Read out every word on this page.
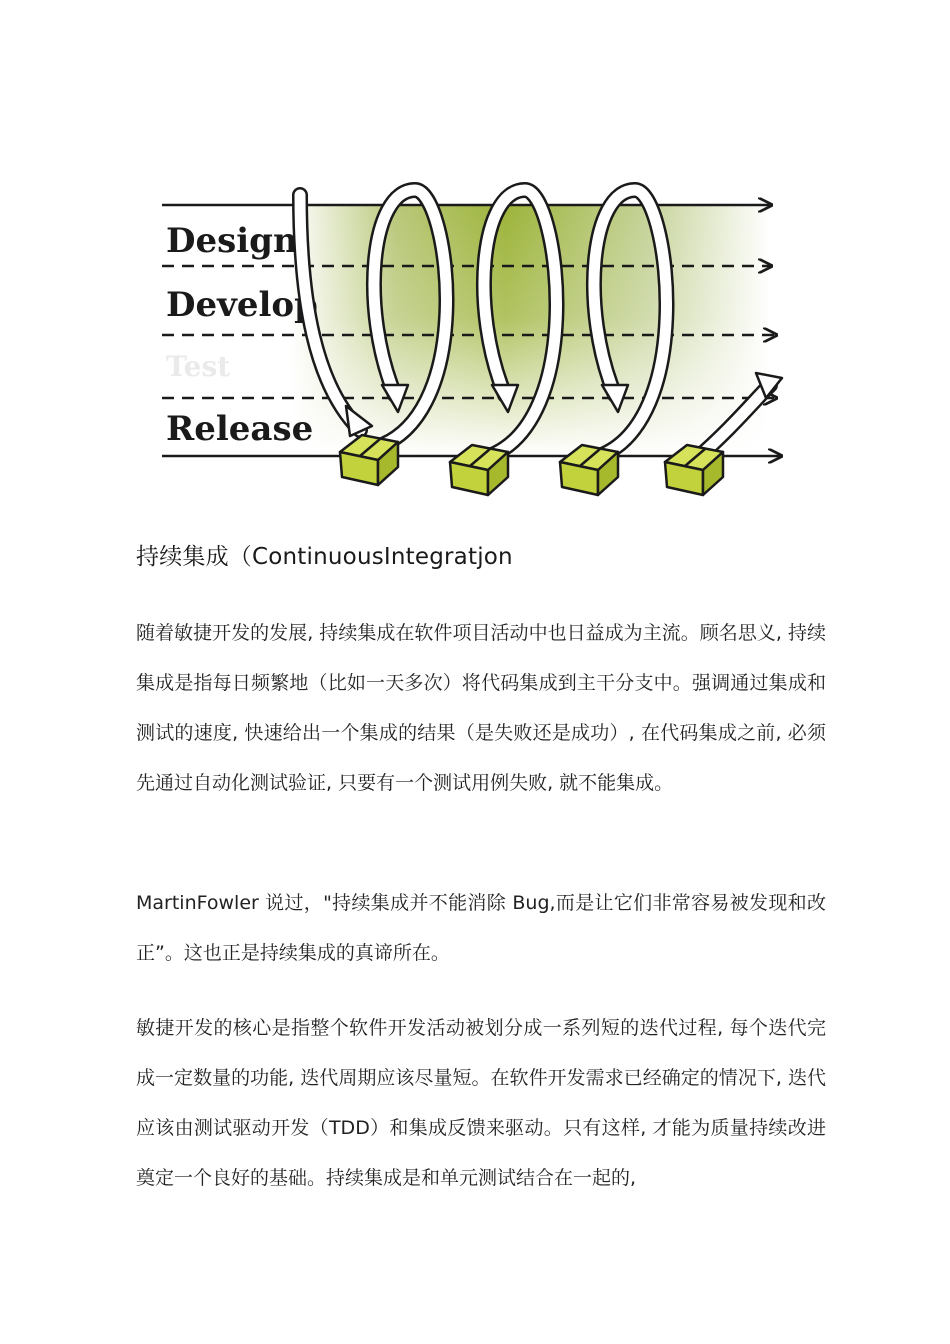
Design
Develop
Test
Release
持续集成（ContinuousIntegratjon

随着敏捷开发的发展, 持续集成在软件项目活动中也日益成为主流。顾名思义, 持续集成是指每日频繁地（比如一天多次）将代码集成到主干分支中。强调通过集成和测试的速度, 快速给出一个集成的结果（是失败还是成功）, 在代码集成之前, 必须先通过自动化测试验证, 只要有一个测试用例失败, 就不能集成。

MartinFowler 说过，"持续集成并不能消除 Bug,而是让它们非常容易被发现和改正”。这也正是持续集成的真谛所在。

敏捷开发的核心是指整个软件开发活动被划分成一系列短的迭代过程, 每个迭代完成一定数量的功能, 迭代周期应该尽量短。在软件开发需求已经确定的情况下, 迭代应该由测试驱动开发（TDD）和集成反馈来驱动。只有这样, 才能为质量持续改进奠定一个良好的基础。持续集成是和单元测试结合在一起的,
